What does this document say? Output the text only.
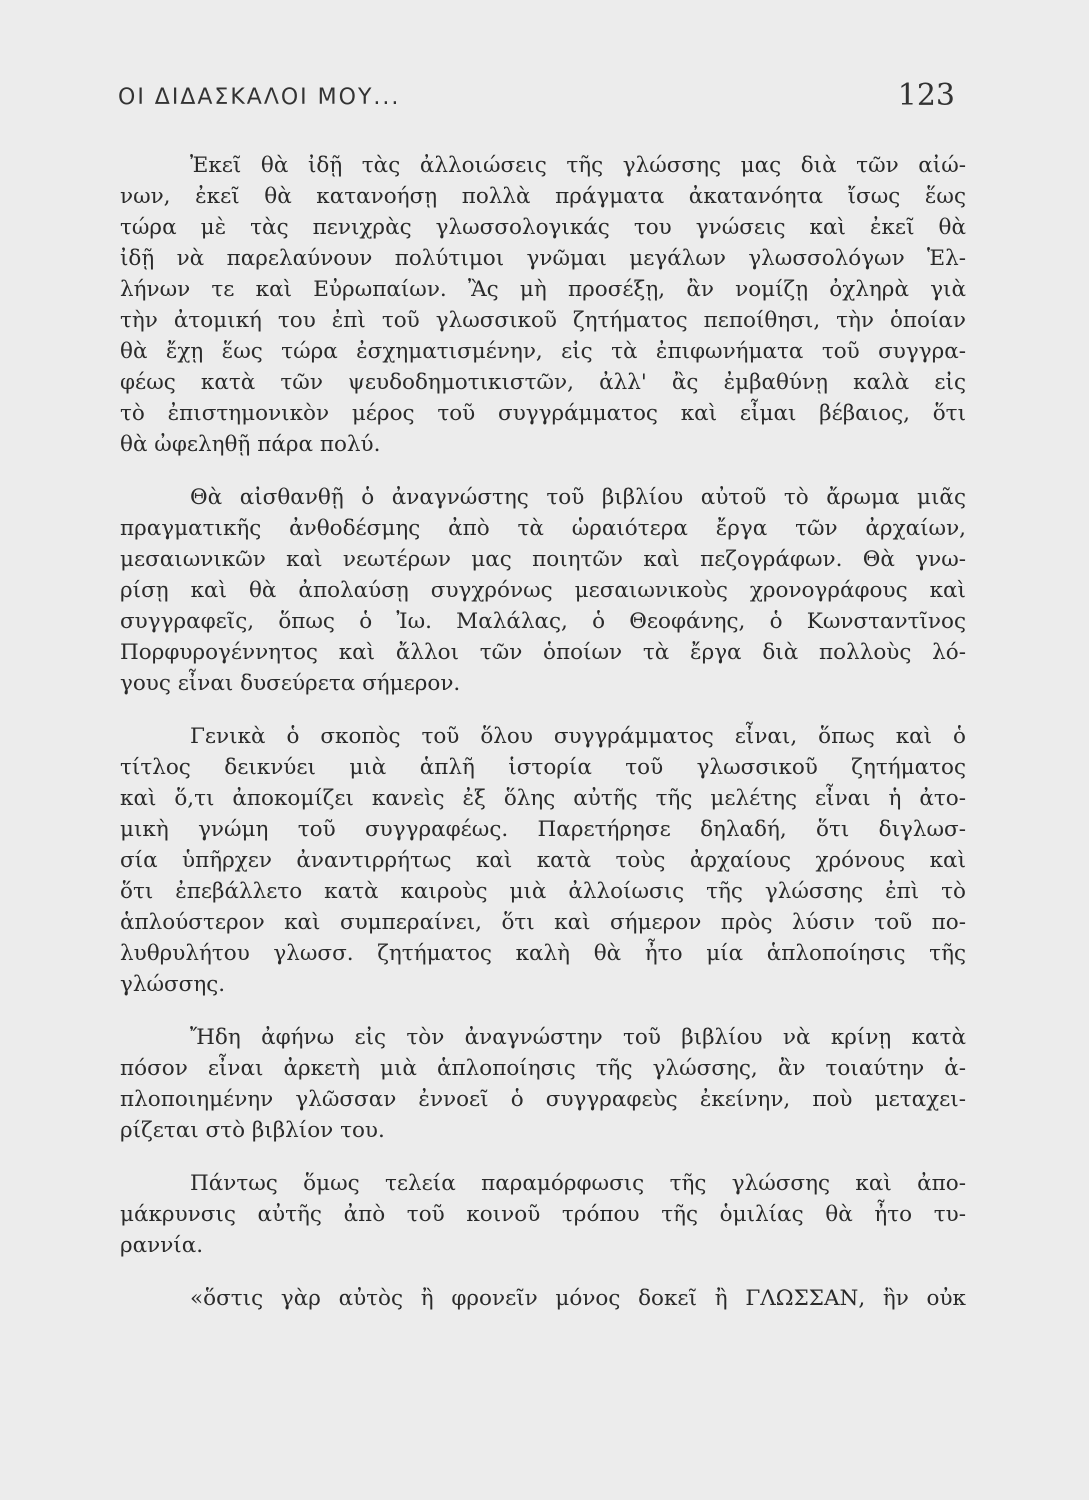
ΟΙ ΔΙΔΑΣΚΑΛΟΙ ΜΟΥ...	123
Ἐκεῖ θὰ ἰδῇ τὰς ἀλλοιώσεις τῆς γλώσσης μας διὰ τῶν αἰώ-
νων, ἐκεῖ θὰ κατανοήσῃ πολλὰ πράγματα ἀκατανόητα ἴσως ἕως
τώρα μὲ τὰς πενιχρὰς γλωσσολογικάς του γνώσεις καὶ ἐκεῖ θὰ
ἰδῇ νὰ παρελαύνουν πολύτιμοι γνῶμαι μεγάλων γλωσσολόγων Ἑλ-
λήνων τε καὶ Εὐρωπαίων. Ἂς μὴ προσέξῃ, ἂν νομίζῃ ὀχληρὰ γιὰ
τὴν ἀτομική του ἐπὶ τοῦ γλωσσικοῦ ζητήματος πεποίθησι, τὴν ὁποίαν
θὰ ἔχῃ ἕως τώρα ἐσχηματισμένην, εἰς τὰ ἐπιφωνήματα τοῦ συγγρα-
φέως κατὰ τῶν ψευδοδημοτικιστῶν, ἀλλ' ἂς ἐμβαθύνῃ καλὰ εἰς
τὸ ἐπιστημονικὸν μέρος τοῦ συγγράμματος καὶ εἶμαι βέβαιος, ὅτι
θὰ ὠφεληθῇ πάρα πολύ.
Θὰ αἰσθανθῇ ὁ ἀναγνώστης τοῦ βιβλίου αὐτοῦ τὸ ἄρωμα μιᾶς
πραγματικῆς ἀνθοδέσμης ἀπὸ τὰ ὡραιότερα ἔργα τῶν ἀρχαίων,
μεσαιωνικῶν καὶ νεωτέρων μας ποιητῶν καὶ πεζογράφων. Θὰ γνω-
ρίσῃ καὶ θὰ ἀπολαύσῃ συγχρόνως μεσαιωνικοὺς χρονογράφους καὶ
συγγραφεῖς, ὅπως ὁ Ἰω. Μαλάλας, ὁ Θεοφάνης, ὁ Κωνσταντῖνος
Πορφυρογέννητος καὶ ἄλλοι τῶν ὁποίων τὰ ἔργα διὰ πολλοὺς λό-
γους εἶναι δυσεύρετα σήμερον.
Γενικὰ ὁ σκοπὸς τοῦ ὅλου συγγράμματος εἶναι, ὅπως καὶ ὁ
τίτλος δεικνύει μιὰ ἁπλῆ ἱστορία τοῦ γλωσσικοῦ ζητήματος
καὶ ὅ,τι ἀποκομίζει κανεὶς ἐξ ὅλης αὐτῆς τῆς μελέτης εἶναι ἡ ἀτο-
μικὴ γνώμη τοῦ συγγραφέως. Παρετήρησε δηλαδή, ὅτι διγλωσ-
σία ὑπῆρχεν ἀναντιρρήτως καὶ κατὰ τοὺς ἀρχαίους χρόνους καὶ
ὅτι ἐπεβάλλετο κατὰ καιροὺς μιὰ ἀλλοίωσις τῆς γλώσσης ἐπὶ τὸ
ἁπλούστερον καὶ συμπεραίνει, ὅτι καὶ σήμερον πρὸς λύσιν τοῦ πο-
λυθρυλήτου γλωσσ. ζητήματος καλὴ θὰ ἦτο μία ἁπλοποίησις τῆς
γλώσσης.
Ἤδη ἀφήνω εἰς τὸν ἀναγνώστην τοῦ βιβλίου νὰ κρίνῃ κατὰ
πόσον εἶναι ἀρκετὴ μιὰ ἁπλοποίησις τῆς γλώσσης, ἂν τοιαύτην ἁ-
πλοποιημένην γλῶσσαν ἐννοεῖ ὁ συγγραφεὺς ἐκείνην, ποὺ μεταχει-
ρίζεται στὸ βιβλίον του.
Πάντως ὅμως τελεία παραμόρφωσις τῆς γλώσσης καὶ ἀπο-
μάκρυνσις αὐτῆς ἀπὸ τοῦ κοινοῦ τρόπου τῆς ὁμιλίας θὰ ἦτο τυ-
ραννία.
«ὅστις γὰρ αὐτὸς ἢ φρονεῖν μόνος δοκεῖ ἢ ΓΛΩΣΣΑΝ, ἣν οὐκ
